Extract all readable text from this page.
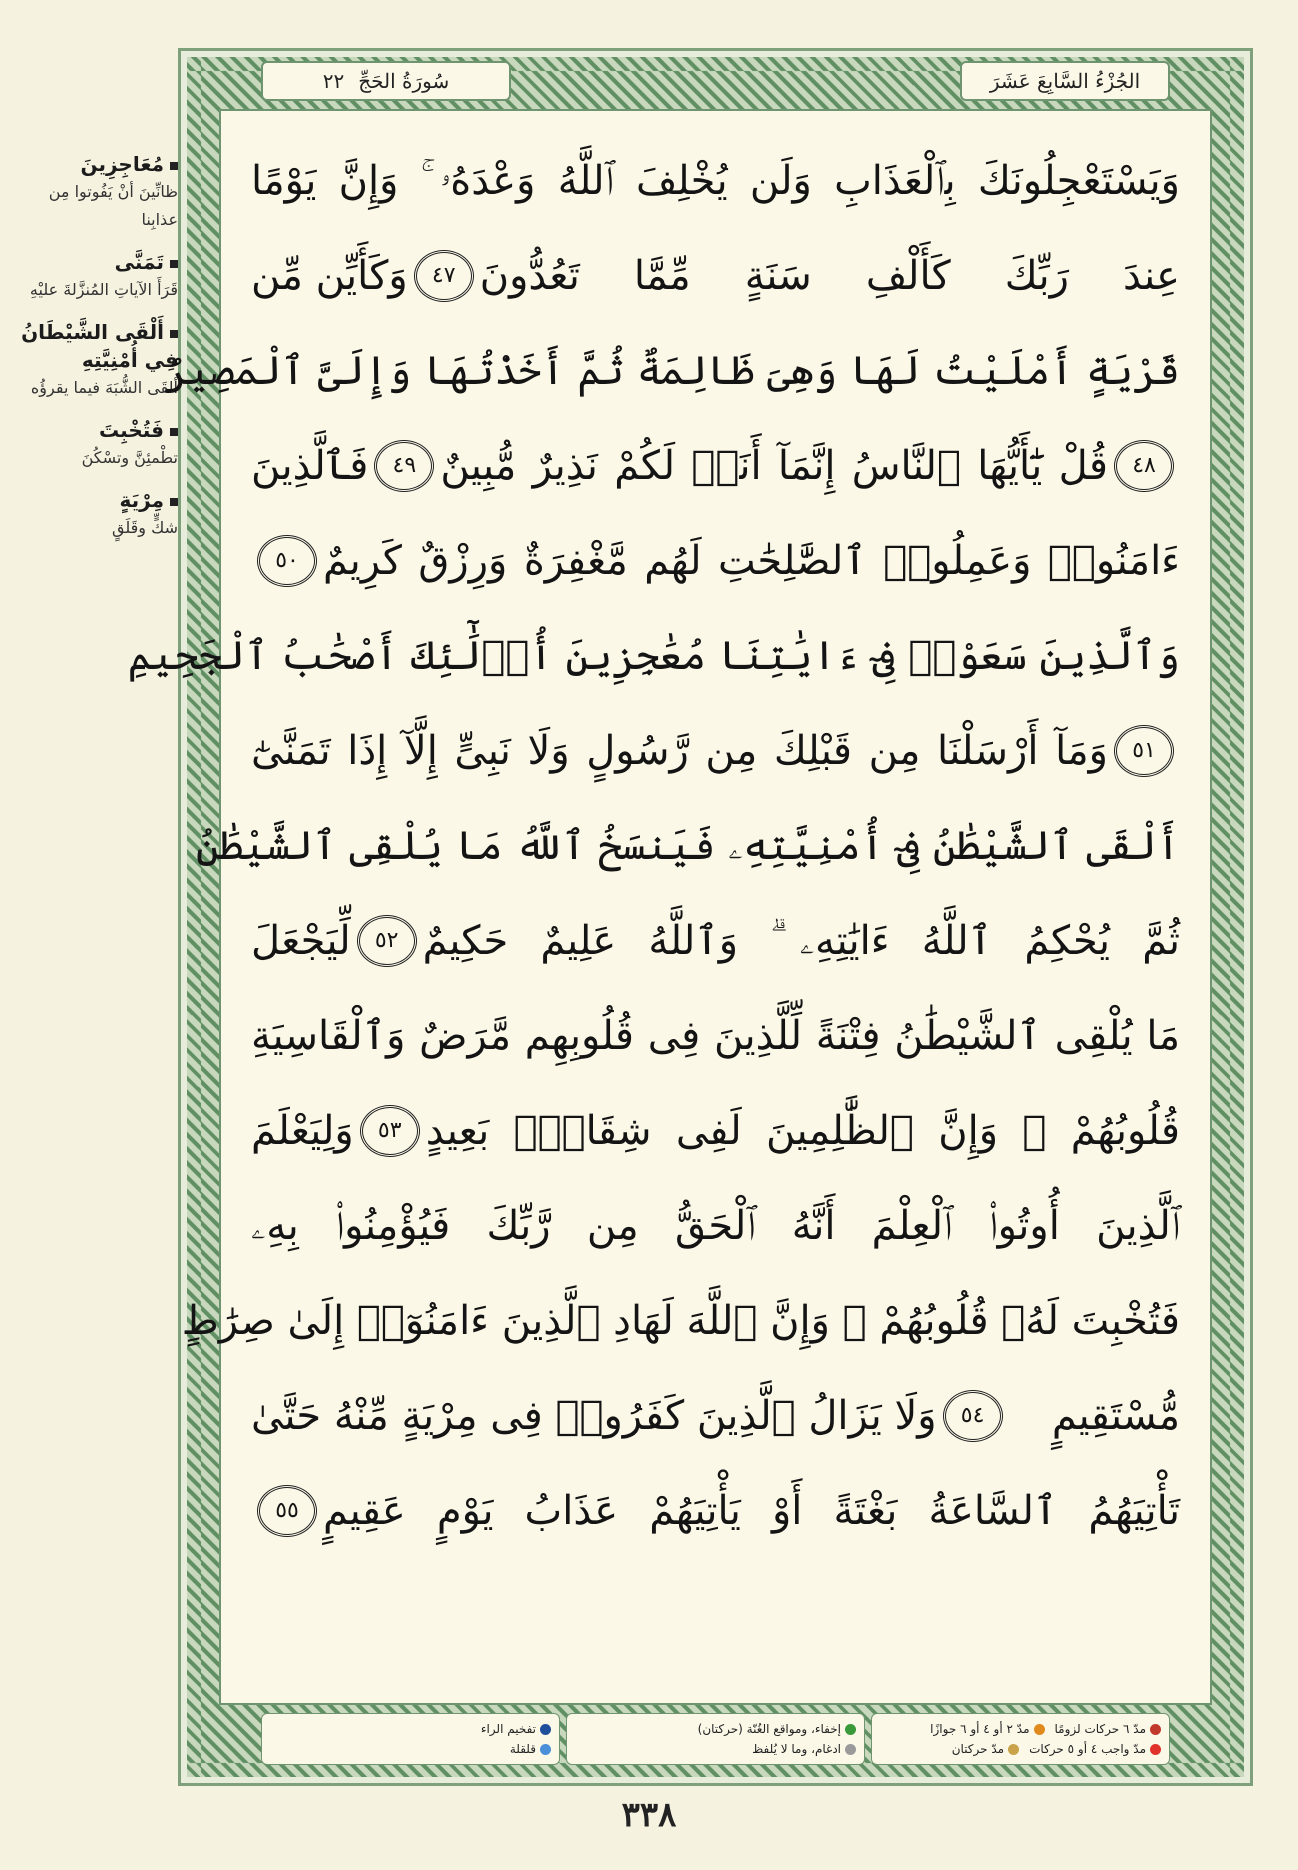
مُعَاجِزِينَ
ظانِّينَ أنْ يَفُوتوا مِن عذابِنا
تَمَنَّى
قَرَأَ الآياتِ المُنزَّلةَ عليْهِ
أَلْقَى الشَّيْطَانُ فِي أُمْنِيَّتِهِ
ألقَى الشُّبَهَ فيما يقرؤُه
فَتُخْبِتَ
تطْمئِنَّ وتسْكُنَ
مِرْيَةٍ
شكٍّ وقَلَقٍ
سُورَةُ الحَجِّ
٢٢	الجُزْءُ السَّابِعَ عَشَرَ
وَيَسْتَعْجِلُونَكَ بِٱلْعَذَابِ وَلَن يُخْلِفَ ٱللَّهُ وَعْدَهُۥ ۚ وَإِنَّ يَوْمًا
عِندَ رَبِّكَ كَأَلْفِ سَنَةٍ مِّمَّا تَعُدُّونَ
٤٧
وَكَأَيِّن مِّن
قَرْيَةٍ أَمْلَيْتُ لَهَا وَهِىَ ظَالِمَةٌ ثُمَّ أَخَذْتُهَا وَإِلَىَّ ٱلْمَصِيرُ
٤٨
قُلْ يَٰٓأَيُّهَا ٱلنَّاسُ إِنَّمَآ أَنَا۠ لَكُمْ نَذِيرٌ مُّبِينٌ
٤٩
فَٱلَّذِينَ
ءَامَنُوا۟ وَعَمِلُوا۟ ٱلصَّٰلِحَٰتِ لَهُم مَّغْفِرَةٌ وَرِزْقٌ كَرِيمٌ
٥٠
وَٱلَّذِينَ سَعَوْا۟ فِىٓ ءَايَٰتِنَا مُعَٰجِزِينَ أُو۟لَٰٓئِكَ أَصْحَٰبُ ٱلْجَحِيمِ
٥١
وَمَآ أَرْسَلْنَا مِن قَبْلِكَ مِن رَّسُولٍ وَلَا نَبِىٍّ إِلَّآ إِذَا تَمَنَّىٰٓ
أَلْقَى ٱلشَّيْطَٰنُ فِىٓ أُمْنِيَّتِهِۦ فَيَنسَخُ ٱللَّهُ مَا يُلْقِى ٱلشَّيْطَٰنُ
ثُمَّ يُحْكِمُ ٱللَّهُ ءَايَٰتِهِۦ ۗ وَٱللَّهُ عَلِيمٌ حَكِيمٌ
٥٢
لِّيَجْعَلَ
مَا يُلْقِى ٱلشَّيْطَٰنُ فِتْنَةً لِّلَّذِينَ فِى قُلُوبِهِم مَّرَضٌ وَٱلْقَاسِيَةِ
قُلُوبُهُمْ ۗ وَإِنَّ ٱلظَّٰلِمِينَ لَفِى شِقَاقٍۭ بَعِيدٍ
٥٣
وَلِيَعْلَمَ
ٱلَّذِينَ أُوتُوا۟ ٱلْعِلْمَ أَنَّهُ ٱلْحَقُّ مِن رَّبِّكَ فَيُؤْمِنُوا۟ بِهِۦ
فَتُخْبِتَ لَهُۥ قُلُوبُهُمْ ۗ وَإِنَّ ٱللَّهَ لَهَادِ ٱلَّذِينَ ءَامَنُوٓا۟ إِلَىٰ صِرَٰطٍ
مُّسْتَقِيمٍ
٥٤
وَلَا يَزَالُ ٱلَّذِينَ كَفَرُوا۟ فِى مِرْيَةٍ مِّنْهُ حَتَّىٰ
تَأْتِيَهُمُ ٱلسَّاعَةُ بَغْتَةً أَوْ يَأْتِيَهُمْ عَذَابُ يَوْمٍ عَقِيمٍ
٥٥
مدّ ٦ حركات لزومًا
مدّ ٢ أو ٤ أو ٦ جوازًا
مدّ واجب ٤ أو ٥ حركات
مدّ حركتان
إخفاء، ومواقع الغُنّة (حركتان)
ادغام، وما لا يُلفظ
تفخيم الراء
قلقلة
٣٣٨
